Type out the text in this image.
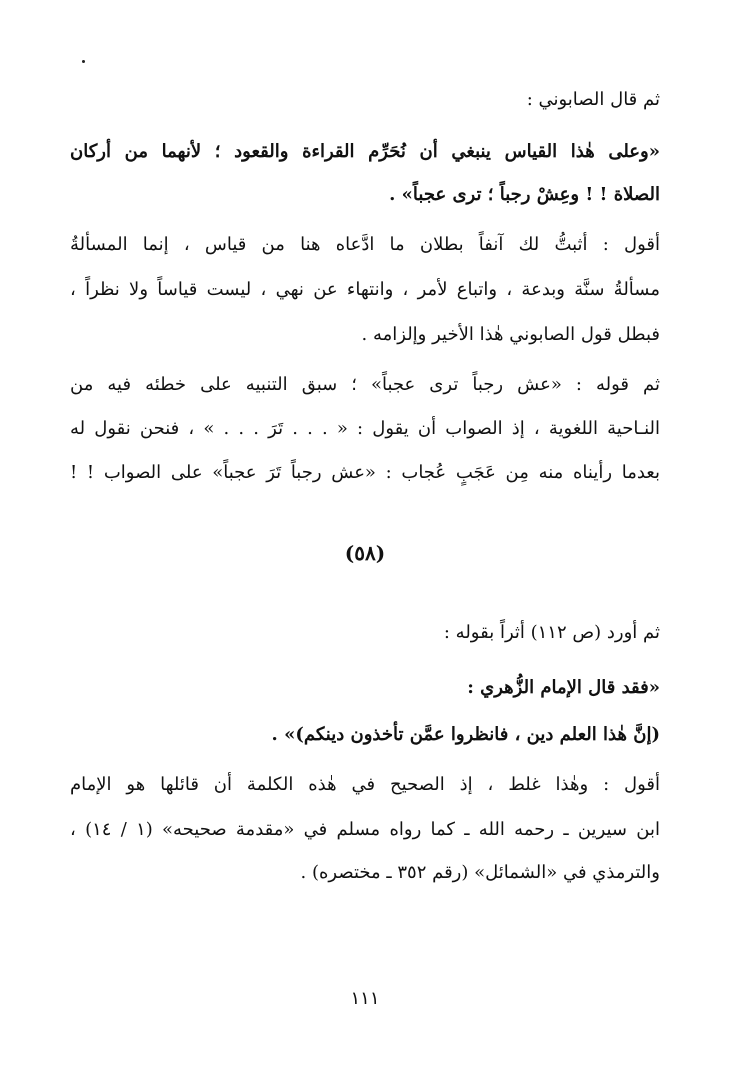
ثم قال الصابوني :
«وعلى هٰذا القياس ينبغي أن نُحَرِّم القراءة والقعود ؛ لأنهما من أركان
الصلاة ! ! وعِشْ رجباً ؛ ترى عجباً» .
أقول : أثبتُّ لك آنفاً بطلان ما ادَّعاه هنا من قياس ، إنما المسألةُ
مسألةُ سنَّة وبدعة ، واتباع لأمر ، وانتهاء عن نهي ، ليست قياساً ولا نظراً ،
فبطل قول الصابوني هٰذا الأخير وإلزامه .
ثم قوله : «عش رجباً ترى عجباً» ؛ سبق التنبيه على خطئه فيه من
النـاحية اللغوية ، إذ الصواب أن يقول : « . . . تَرَ . . . » ، فنحن نقول له
بعدما رأيناه منه مِن عَجَبٍ عُجاب : «عش رجباً تَرَ عجباً» على الصواب ! !
(٥٨)
ثم أورد (ص ١١٢) أثراً بقوله :
«فقد قال الإمام الزُّهري :
(إنَّ هٰذا العلم دين ، فانظروا عمَّن تأخذون دينكم)» .
أقول : وهٰذا غلط ، إذ الصحيح في هٰذه الكلمة أن قائلها هو الإمام
ابن سيرين ـ رحمه الله ـ كما رواه مسلم في «مقدمة صحيحه» (١ / ١٤) ،
والترمذي في «الشمائل» (رقم ٣٥٢ ـ مختصره) .
١١١
